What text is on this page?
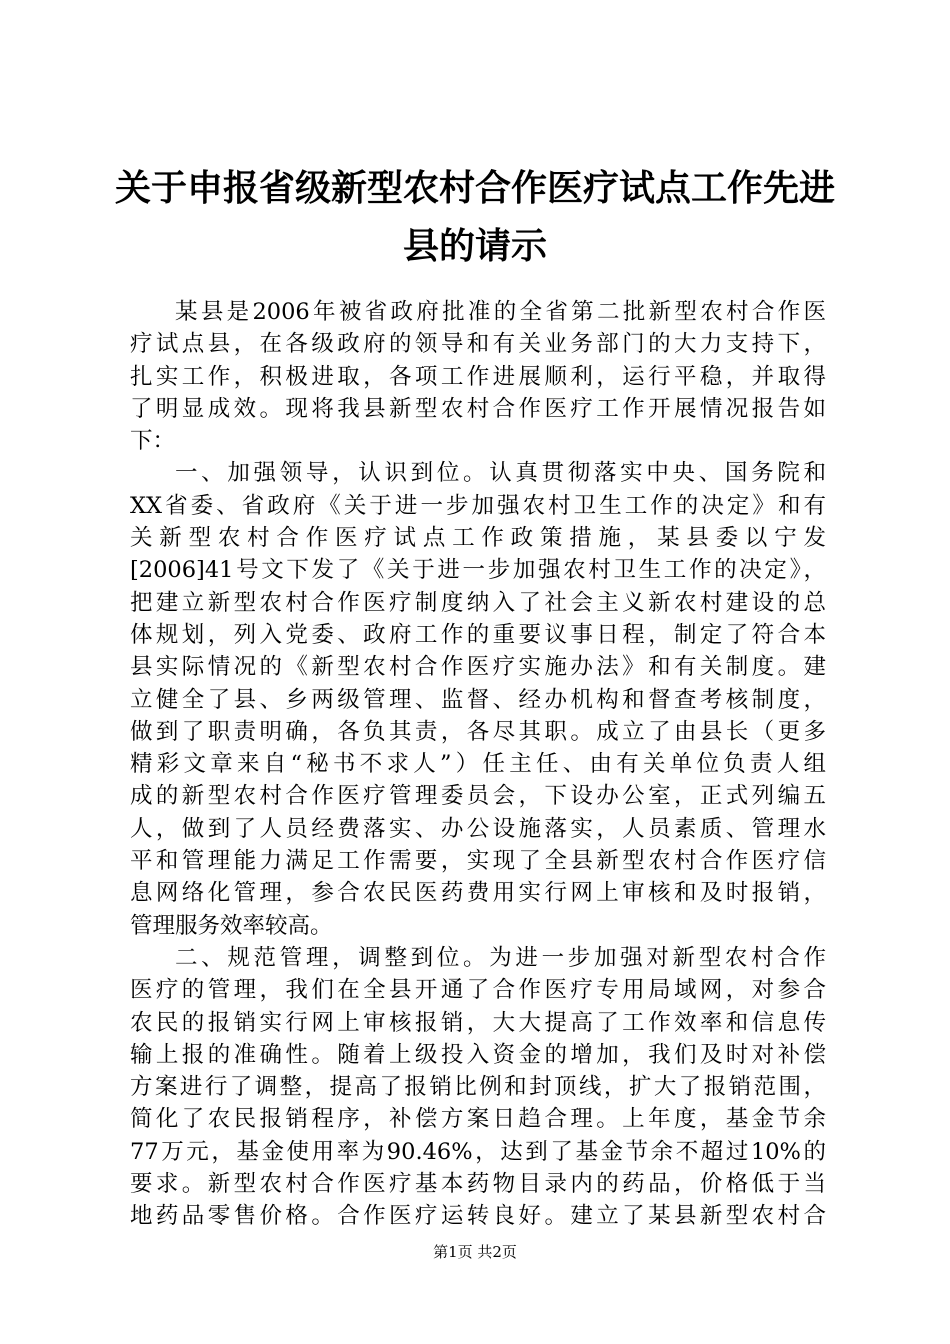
关于申报省级新型农村合作医疗试点工作先进
县的请示
某县是2006年被省政府批准的全省第二批新型农村合作医
疗试点县，在各级政府的领导和有关业务部门的大力支持下，
扎实工作，积极进取，各项工作进展顺利，运行平稳，并取得
了明显成效。现将我县新型农村合作医疗工作开展情况报告如
下：
一、加强领导，认识到位。认真贯彻落实中央、国务院和
XX省委、省政府《关于进一步加强农村卫生工作的决定》和有
关新型农村合作医疗试点工作政策措施，某县委以宁发
[2006]41号文下发了《关于进一步加强农村卫生工作的决定》，
把建立新型农村合作医疗制度纳入了社会主义新农村建设的总
体规划，列入党委、政府工作的重要议事日程，制定了符合本
县实际情况的《新型农村合作医疗实施办法》和有关制度。建
立健全了县、乡两级管理、监督、经办机构和督查考核制度，
做到了职责明确，各负其责，各尽其职。成立了由县长（更多
精彩文章来自“秘书不求人”）任主任、由有关单位负责人组
成的新型农村合作医疗管理委员会，下设办公室，正式列编五
人，做到了人员经费落实、办公设施落实，人员素质、管理水
平和管理能力满足工作需要，实现了全县新型农村合作医疗信
息网络化管理，参合农民医药费用实行网上审核和及时报销，
管理服务效率较高。
二、规范管理，调整到位。为进一步加强对新型农村合作
医疗的管理，我们在全县开通了合作医疗专用局域网，对参合
农民的报销实行网上审核报销，大大提高了工作效率和信息传
输上报的准确性。随着上级投入资金的增加，我们及时对补偿
方案进行了调整，提高了报销比例和封顶线，扩大了报销范围，
简化了农民报销程序，补偿方案日趋合理。上年度，基金节余
77万元，基金使用率为90.46%，达到了基金节余不超过10%的
要求。新型农村合作医疗基本药物目录内的药品，价格低于当
地药品零售价格。合作医疗运转良好。建立了某县新型农村合
第1页 共2页
